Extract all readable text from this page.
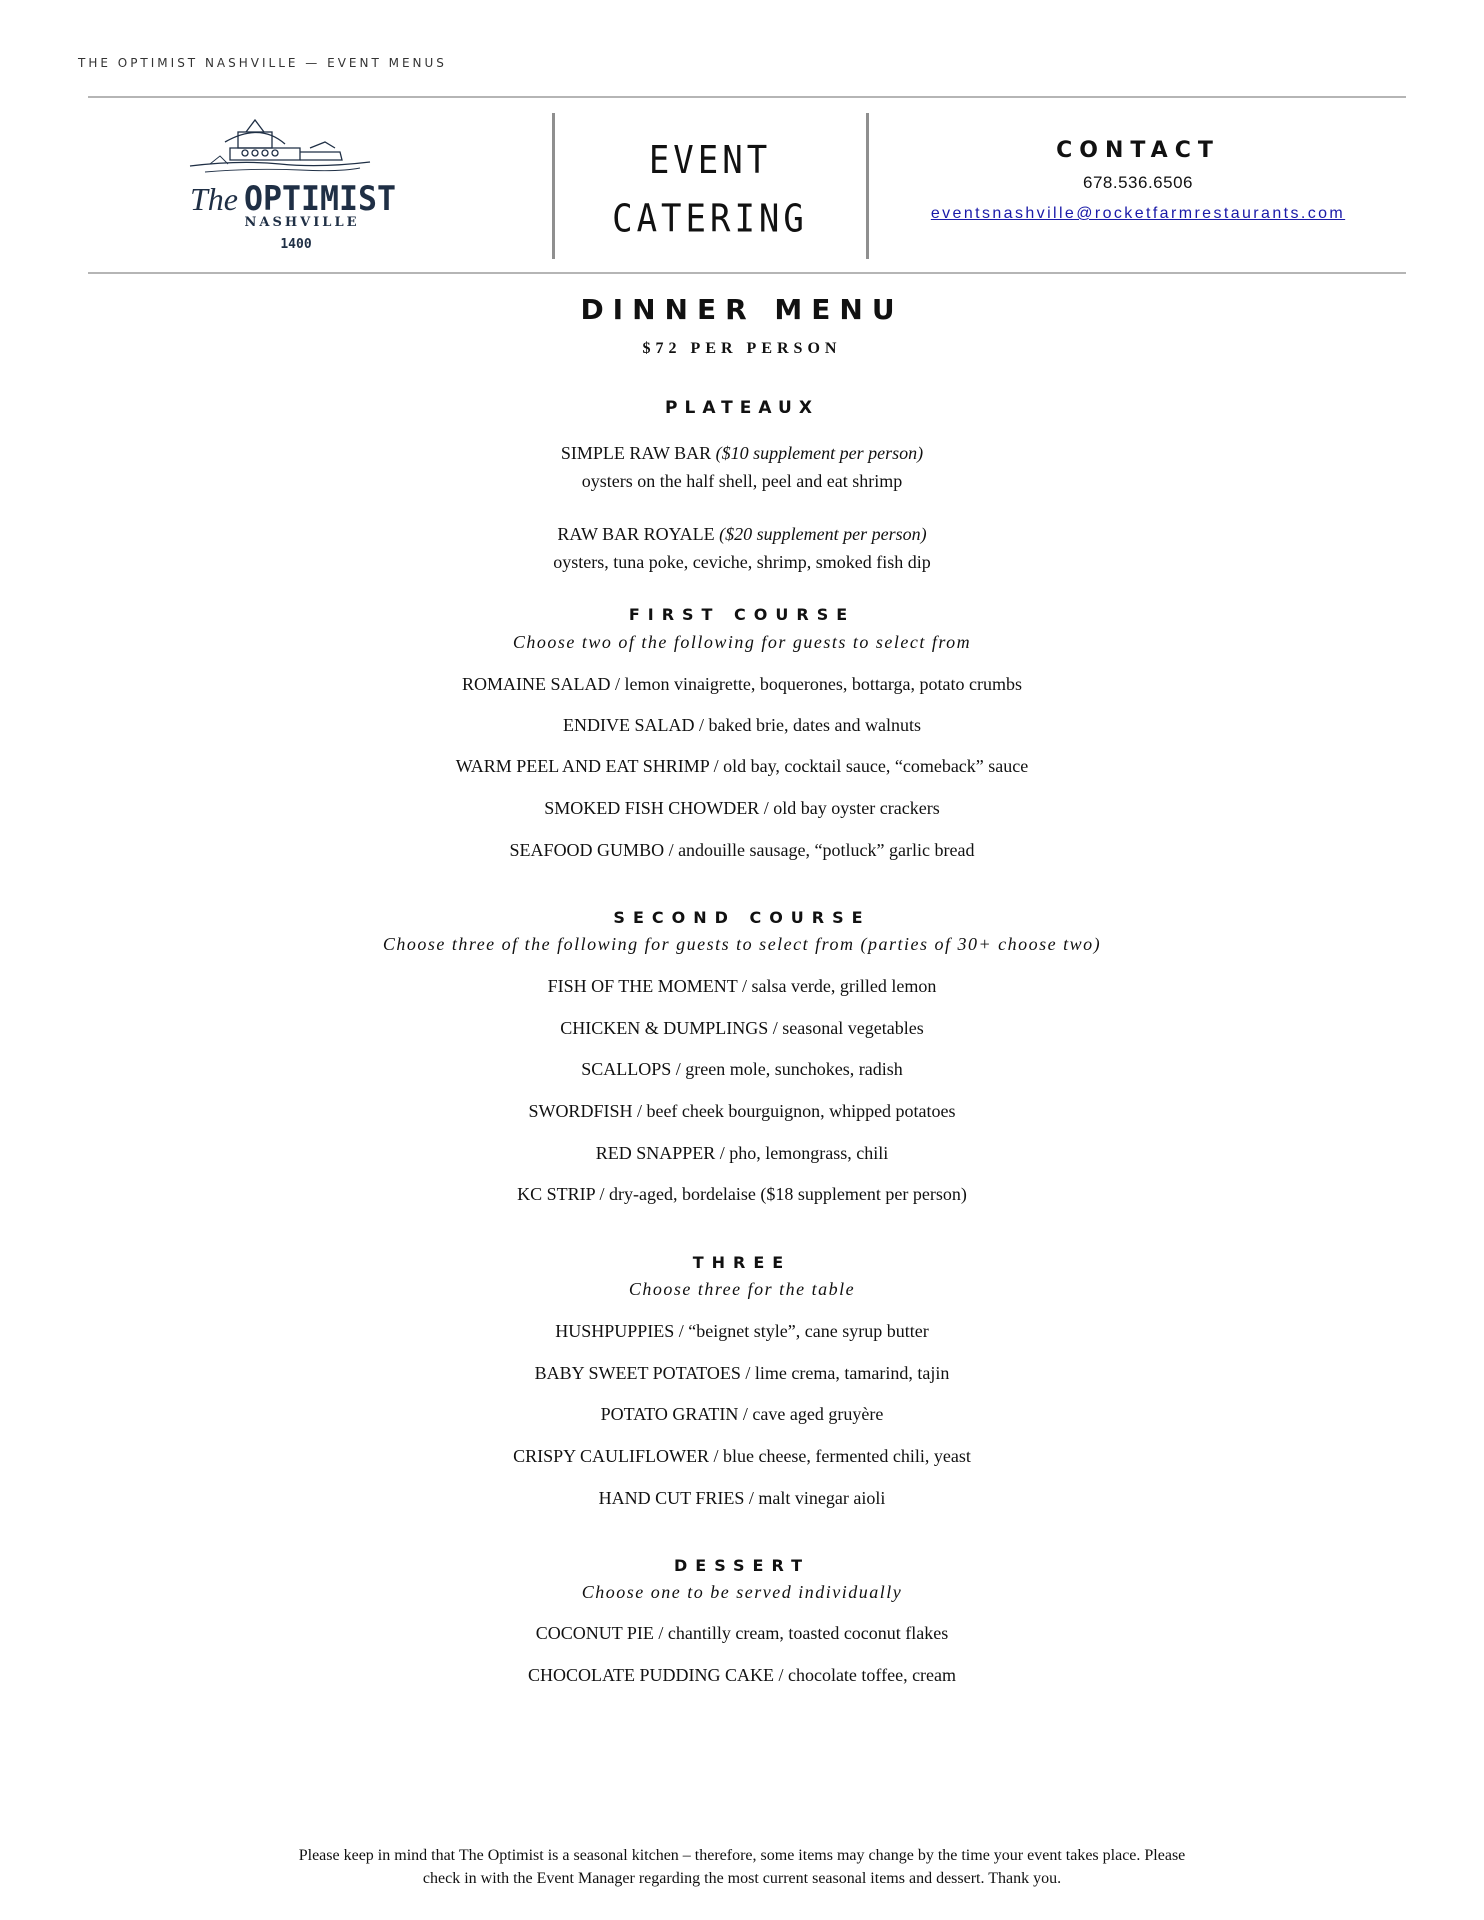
THE OPTIMIST NASHVILLE — EVENT MENUS
The OPTIMIST
NASHVILLE
1400
EVENT
CATERING
CONTACT
678.536.6506
eventsnashville@rocketfarmrestaurants.com
DINNER MENU
$72 PER PERSON
PLATEAUX
SIMPLE RAW BAR ($10 supplement per person)
oysters on the half shell, peel and eat shrimp
RAW BAR ROYALE ($20 supplement per person)
oysters, tuna poke, ceviche, shrimp, smoked fish dip
FIRST COURSE
Choose two of the following for guests to select from
ROMAINE SALAD / lemon vinaigrette, boquerones, bottarga, potato crumbs
ENDIVE SALAD / baked brie, dates and walnuts
WARM PEEL AND EAT SHRIMP / old bay, cocktail sauce, “comeback” sauce
SMOKED FISH CHOWDER / old bay oyster crackers
SEAFOOD GUMBO / andouille sausage, “potluck” garlic bread
SECOND COURSE
Choose three of the following for guests to select from (parties of 30+ choose two)
FISH OF THE MOMENT / salsa verde, grilled lemon
CHICKEN & DUMPLINGS / seasonal vegetables
SCALLOPS / green mole, sunchokes, radish
SWORDFISH / beef cheek bourguignon, whipped potatoes
RED SNAPPER / pho, lemongrass, chili
KC STRIP / dry-aged, bordelaise ($18 supplement per person)
THREE
Choose three for the table
HUSHPUPPIES / “beignet style”, cane syrup butter
BABY SWEET POTATOES / lime crema, tamarind, tajin
POTATO GRATIN / cave aged gruyère
CRISPY CAULIFLOWER / blue cheese, fermented chili, yeast
HAND CUT FRIES / malt vinegar aioli
DESSERT
Choose one to be served individually
COCONUT PIE / chantilly cream, toasted coconut flakes
CHOCOLATE PUDDING CAKE / chocolate toffee, cream
Please keep in mind that The Optimist is a seasonal kitchen – therefore, some items may change by the time your event takes place. Please
check in with the Event Manager regarding the most current seasonal items and dessert. Thank you.
